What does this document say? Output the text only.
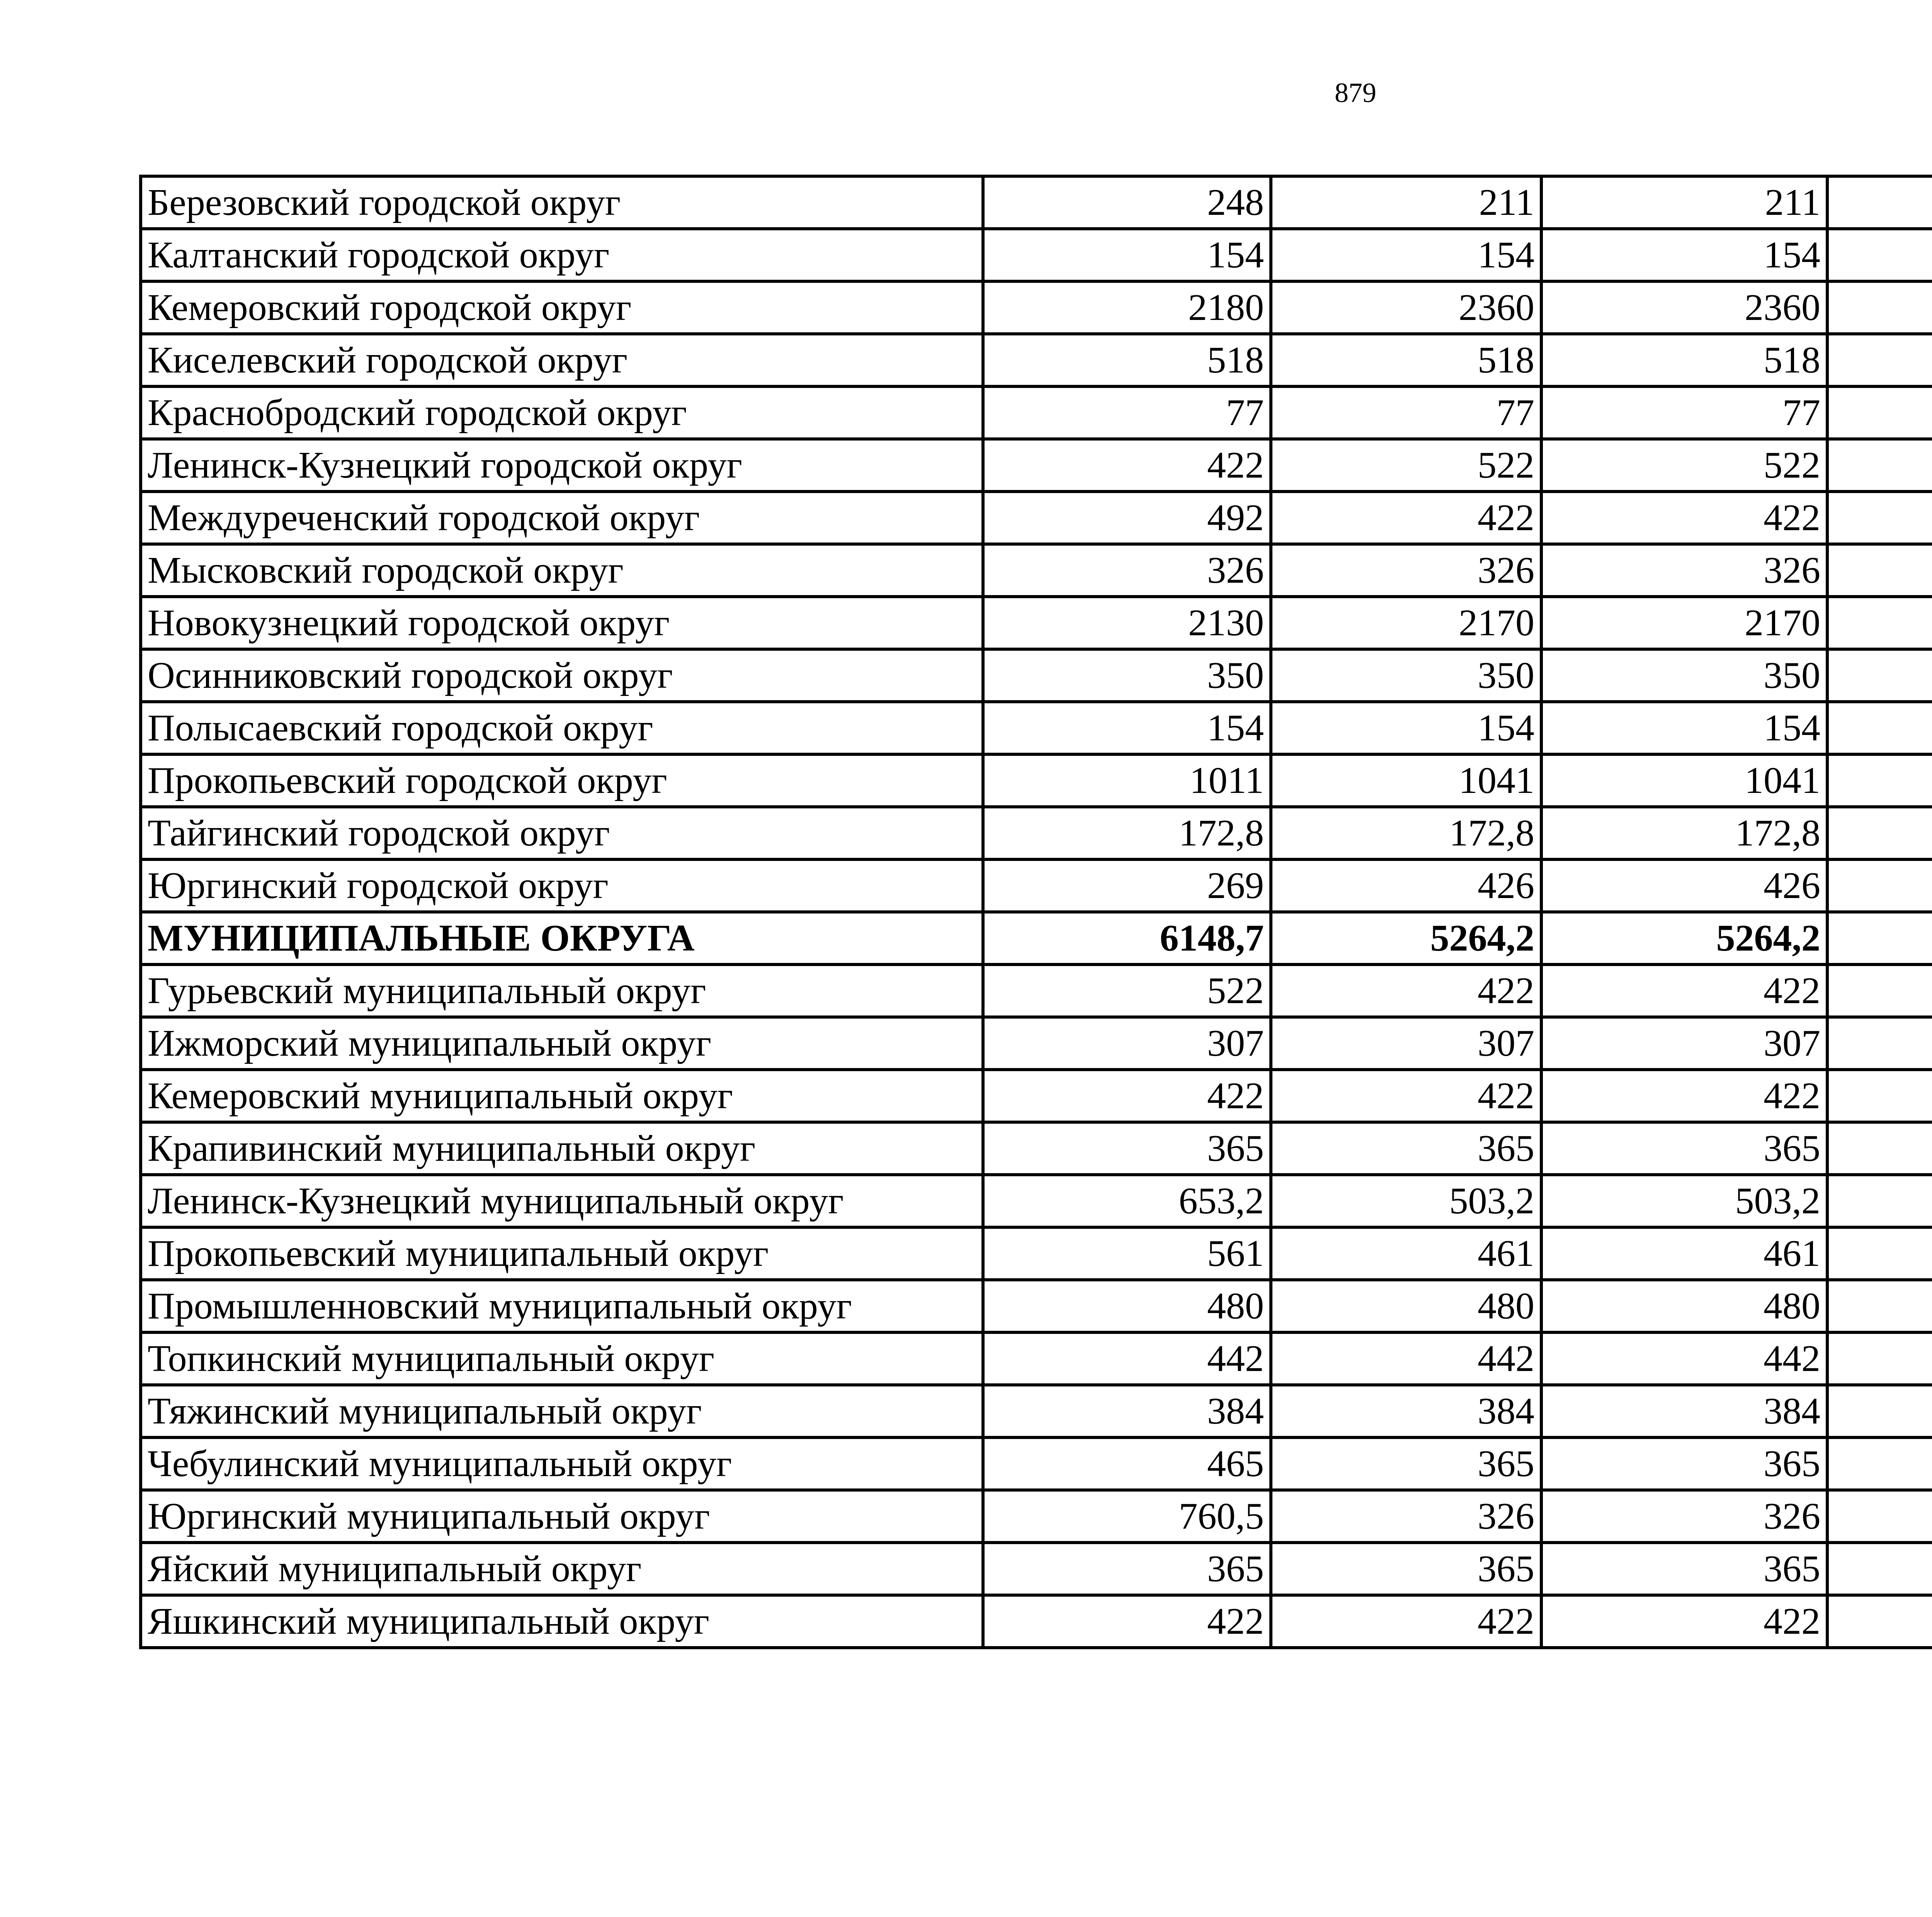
879
Березовский городской округ	248	211	211			
Калтанский городской округ	154	154	154			
Кемеровский городской округ	2180	2360	2360			
Киселевский городской округ	518	518	518			
Краснобродский городской округ	77	77	77			
Ленинск-Кузнецкий городской округ	422	522	522			
Междуреченский городской округ	492	422	422			
Мысковский городской округ	326	326	326			
Новокузнецкий городской округ	2130	2170	2170			
Осинниковский городской округ	350	350	350			
Полысаевский городской округ	154	154	154			
Прокопьевский городской округ	1011	1041	1041			
Тайгинский городской округ	172,8	172,8	172,8			
Юргинский городской округ	269	426	426			
МУНИЦИПАЛЬНЫЕ ОКРУГА	6148,7	5264,2	5264,2			
Гурьевский муниципальный округ	522	422	422			
Ижморский муниципальный округ	307	307	307			
Кемеровский муниципальный округ	422	422	422			
Крапивинский муниципальный округ	365	365	365			
Ленинск-Кузнецкий муниципальный округ	653,2	503,2	503,2			
Прокопьевский муниципальный округ	561	461	461			
Промышленновский муниципальный округ	480	480	480			
Топкинский муниципальный округ	442	442	442			
Тяжинский муниципальный округ	384	384	384			
Чебулинский муниципальный округ	465	365	365			
Юргинский муниципальный округ	760,5	326	326			
Яйский муниципальный округ	365	365	365			
Яшкинский муниципальный округ	422	422	422			
